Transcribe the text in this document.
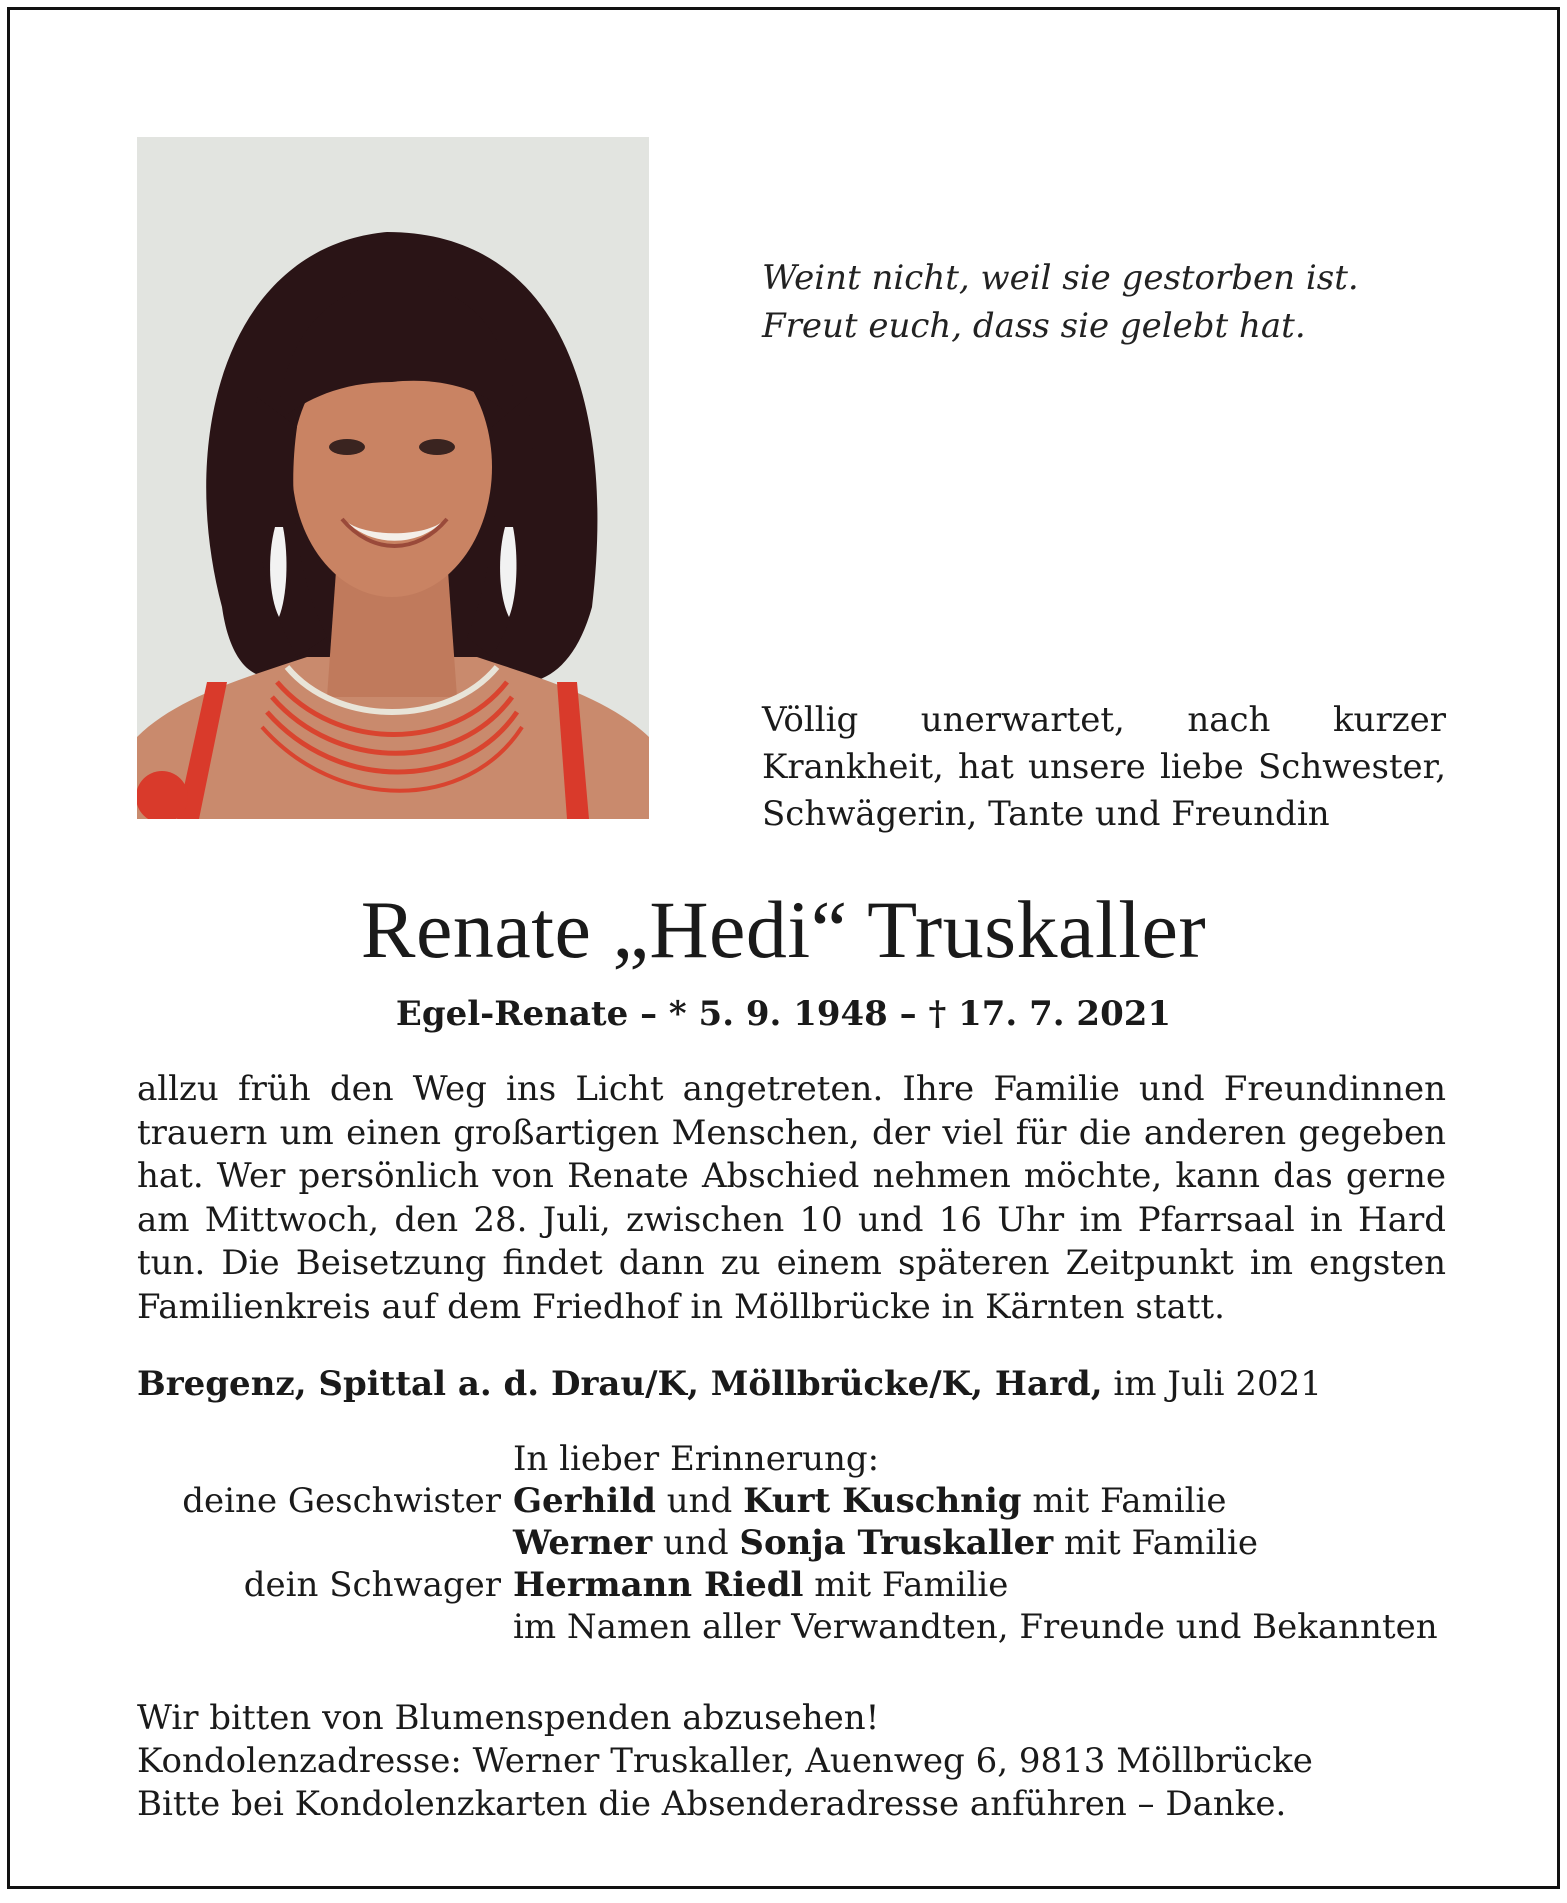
Weint nicht, weil sie gestorben ist.
Freut euch, dass sie gelebt hat.
Völlig unerwartet, nach kurzer Krankheit, hat unsere liebe Schwester, Schwägerin, Tante und Freundin
Renate „Hedi“ Truskaller
Egel-Renate – * 5. 9. 1948 – † 17. 7. 2021
allzu früh den Weg ins Licht angetreten. Ihre Familie und Freundinnen trauern um einen großartigen Menschen, der viel für die anderen gegeben hat. Wer persönlich von Renate Abschied nehmen möchte, kann das gerne am Mittwoch, den 28. Juli, zwischen 10 und 16 Uhr im Pfarrsaal in Hard tun. Die Beisetzung findet dann zu einem späteren Zeitpunkt im engsten Familienkreis auf dem Friedhof in Möllbrücke in Kärnten statt.
Bregenz, Spittal a. d. Drau/K, Möllbrücke/K, Hard, im Juli 2021
In lieber Erinnerung:
deine Geschwister Gerhild und Kurt Kuschnig mit Familie
Werner und Sonja Truskaller mit Familie
dein Schwager Hermann Riedl mit Familie
im Namen aller Verwandten, Freunde und Bekannten
Wir bitten von Blumenspenden abzusehen!
Kondolenzadresse: Werner Truskaller, Auenweg 6, 9813 Möllbrücke
Bitte bei Kondolenzkarten die Absenderadresse anführen – Danke.
